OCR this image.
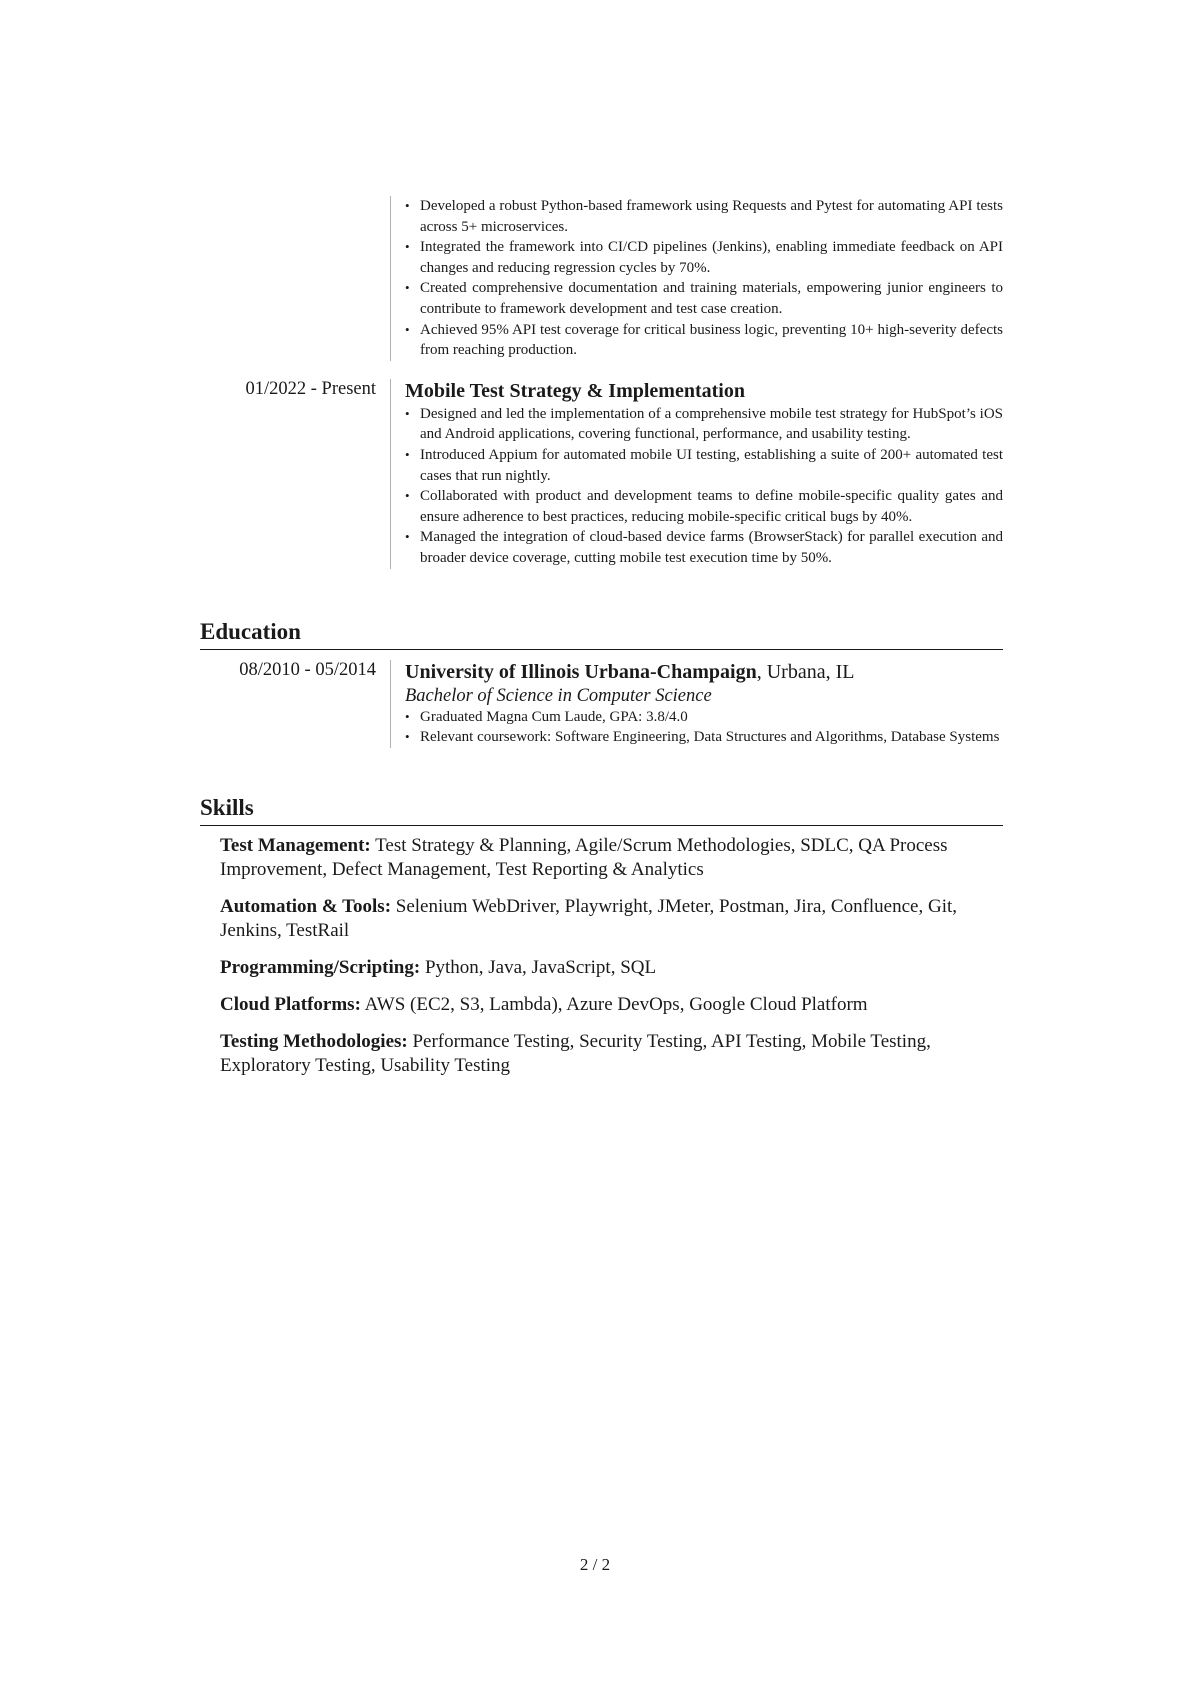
• Developed a robust Python-based framework using Requests and Pytest for automating API tests across 5+ microservices.
• Integrated the framework into CI/CD pipelines (Jenkins), enabling immediate feedback on API changes and reducing regression cycles by 70%.
• Created comprehensive documentation and training materials, empowering junior engineers to contribute to framework development and test case creation.
• Achieved 95% API test coverage for critical business logic, preventing 10+ high-severity defects from reaching production.
01/2022 - Present	Mobile Test Strategy & Implementation
• Designed and led the implementation of a comprehensive mobile test strategy for HubSpot’s iOS and Android applications, covering functional, performance, and usability testing.
• Introduced Appium for automated mobile UI testing, establishing a suite of 200+ automated test cases that run nightly.
• Collaborated with product and development teams to define mobile-specific quality gates and ensure adherence to best practices, reducing mobile-specific critical bugs by 40%.
• Managed the integration of cloud-based device farms (BrowserStack) for parallel execution and broader device coverage, cutting mobile test execution time by 50%.
Education
08/2010 - 05/2014	University of Illinois Urbana-Champaign, Urbana, IL
Bachelor of Science in Computer Science
• Graduated Magna Cum Laude, GPA: 3.8/4.0
• Relevant coursework: Software Engineering, Data Structures and Algorithms, Database Systems
Skills
Test Management: Test Strategy & Planning, Agile/Scrum Methodologies, SDLC, QA Process Improvement, Defect Management, Test Reporting & Analytics
Automation & Tools: Selenium WebDriver, Playwright, JMeter, Postman, Jira, Confluence, Git, Jenkins, TestRail
Programming/Scripting: Python, Java, JavaScript, SQL
Cloud Platforms: AWS (EC2, S3, Lambda), Azure DevOps, Google Cloud Platform
Testing Methodologies: Performance Testing, Security Testing, API Testing, Mobile Testing, Exploratory Testing, Usability Testing
2 / 2
